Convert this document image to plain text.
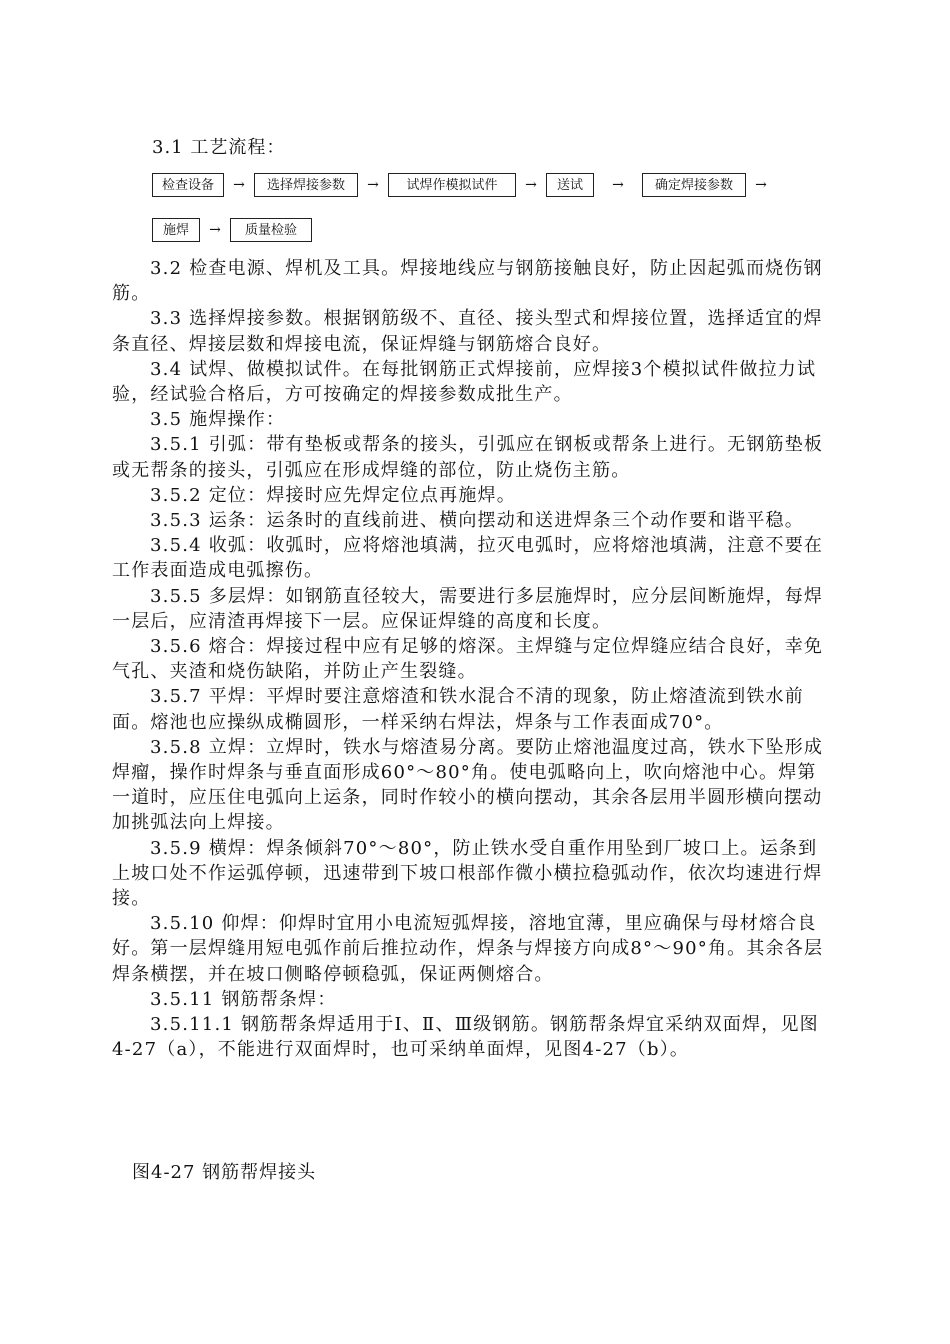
3.1 工艺流程：
检查设备	→	选择焊接参数	→	试焊作模拟试件	→	送试	→	确定焊接参数	→
施焊	→	质量检验

3.2 检查电源、焊机及工具。焊接地线应与钢筋接触良好，防止因起弧而烧伤钢筋。

3.3 选择焊接参数。根据钢筋级不、直径、接头型式和焊接位置，选择适宜的焊条直径、焊接层数和焊接电流，保证焊缝与钢筋熔合良好。

3.4 试焊、做模拟试件。在每批钢筋正式焊接前，应焊接3个模拟试件做拉力试验，经试验合格后，方可按确定的焊接参数成批生产。

3.5 施焊操作：

3.5.1 引弧：带有垫板或帮条的接头，引弧应在钢板或帮条上进行。无钢筋垫板或无帮条的接头，引弧应在形成焊缝的部位，防止烧伤主筋。

3.5.2 定位：焊接时应先焊定位点再施焊。

3.5.3 运条：运条时的直线前进、横向摆动和送进焊条三个动作要和谐平稳。

3.5.4 收弧：收弧时，应将熔池填满，拉灭电弧时，应将熔池填满，注意不要在工作表面造成电弧擦伤。

3.5.5 多层焊：如钢筋直径较大，需要进行多层施焊时，应分层间断施焊，每焊一层后，应清渣再焊接下一层。应保证焊缝的高度和长度。

3.5.6 熔合：焊接过程中应有足够的熔深。主焊缝与定位焊缝应结合良好，幸免气孔、夹渣和烧伤缺陷，并防止产生裂缝。

3.5.7 平焊：平焊时要注意熔渣和铁水混合不清的现象，防止熔渣流到铁水前面。熔池也应操纵成椭圆形，一样采纳右焊法，焊条与工作表面成70°。

3.5.8 立焊：立焊时，铁水与熔渣易分离。要防止熔池温度过高，铁水下坠形成焊瘤，操作时焊条与垂直面形成60°～80°角。使电弧略向上，吹向熔池中心。焊第一道时，应压住电弧向上运条，同时作较小的横向摆动，其余各层用半圆形横向摆动加挑弧法向上焊接。

3.5.9 横焊：焊条倾斜70°～80°，防止铁水受自重作用坠到厂坡口上。运条到上坡口处不作运弧停顿，迅速带到下坡口根部作微小横拉稳弧动作，依次均速进行焊接。

3.5.10 仰焊：仰焊时宜用小电流短弧焊接，溶地宜薄，里应确保与母材熔合良好。第一层焊缝用短电弧作前后推拉动作，焊条与焊接方向成8°～90°角。其余各层焊条横摆，并在坡口侧略停顿稳弧，保证两侧熔合。

3.5.11 钢筋帮条焊：

3.5.11.1 钢筋帮条焊适用于Ⅰ、Ⅱ、Ⅲ级钢筋。钢筋帮条焊宜采纳双面焊，见图4-27（a），不能进行双面焊时，也可采纳单面焊，见图4-27（b）。

图4-27 钢筋帮焊接头
